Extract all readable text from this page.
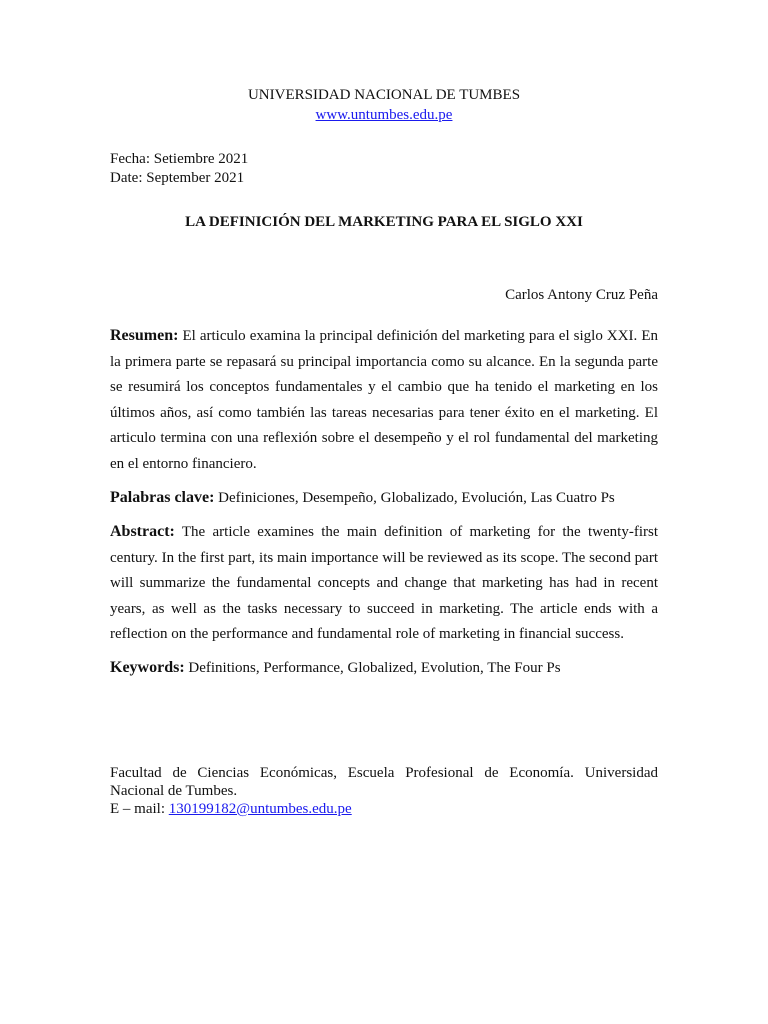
UNIVERSIDAD NACIONAL DE TUMBES
www.untumbes.edu.pe
Fecha: Setiembre 2021
Date: September 2021
LA DEFINICIÓN DEL MARKETING PARA EL SIGLO XXI
Carlos Antony Cruz Peña
Resumen: El articulo examina la principal definición del marketing para el siglo XXI. En la primera parte se repasará su principal importancia como su alcance. En la segunda parte se resumirá los conceptos fundamentales y el cambio que ha tenido el marketing en los últimos años, así como también las tareas necesarias para tener éxito en el marketing. El articulo termina con una reflexión sobre el desempeño y el rol fundamental del marketing en el entorno financiero.
Palabras clave: Definiciones, Desempeño, Globalizado, Evolución, Las Cuatro Ps
Abstract: The article examines the main definition of marketing for the twenty-first century. In the first part, its main importance will be reviewed as its scope. The second part will summarize the fundamental concepts and change that marketing has had in recent years, as well as the tasks necessary to succeed in marketing. The article ends with a reflection on the performance and fundamental role of marketing in financial success.
Keywords: Definitions, Performance, Globalized, Evolution, The Four Ps
Facultad de Ciencias Económicas, Escuela Profesional de Economía. Universidad Nacional de Tumbes.
E – mail: 130199182@untumbes.edu.pe
